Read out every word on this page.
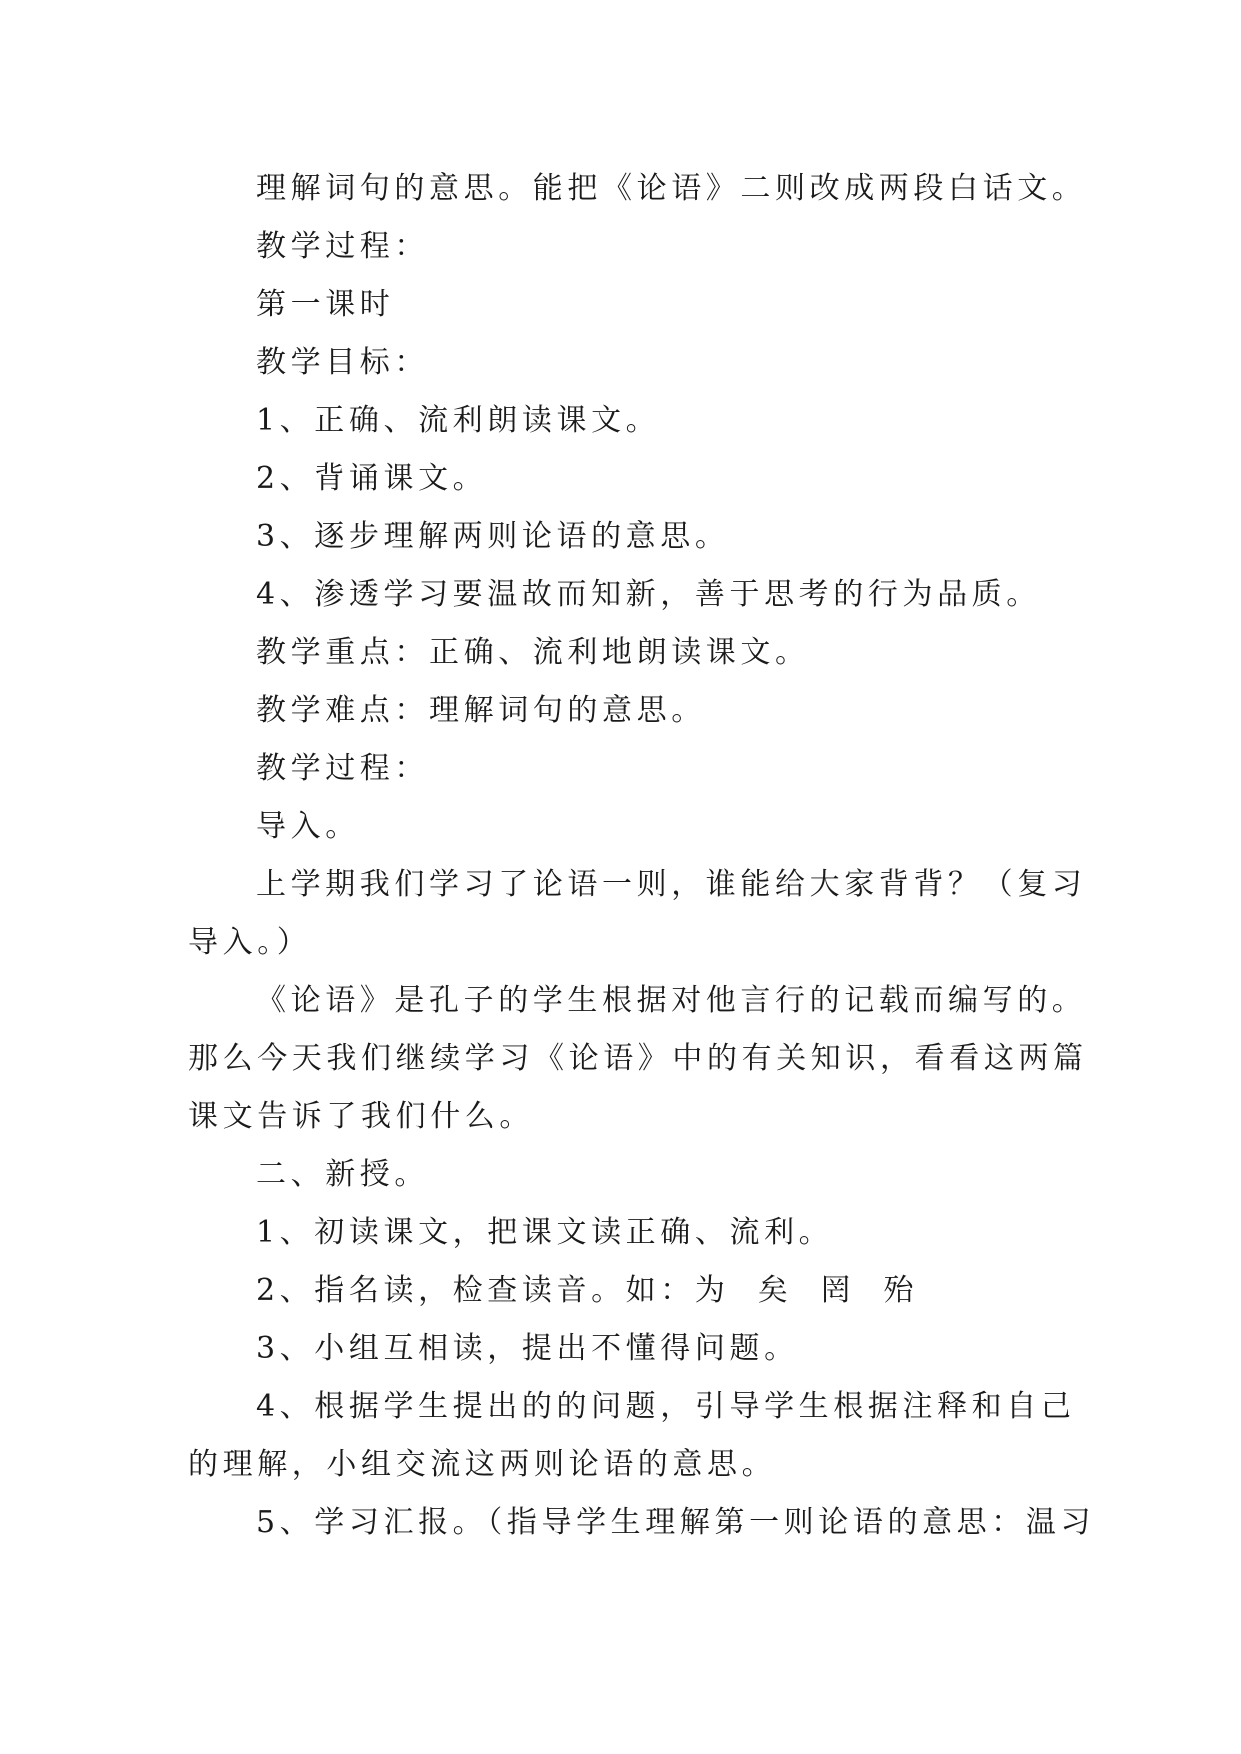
理解词句的意思。能把《论语》二则改成两段白话文。
教学过程：
第一课时
教学目标：
1、正确、流利朗读课文。
2、背诵课文。
3、逐步理解两则论语的意思。
4、渗透学习要温故而知新，善于思考的行为品质。
教学重点：正确、流利地朗读课文。
教学难点：理解词句的意思。
教学过程：
导入。
上学期我们学习了论语一则，谁能给大家背背？（复习
导入。）
《论语》是孔子的学生根据对他言行的记载而编写的。
那么今天我们继续学习《论语》中的有关知识，看看这两篇
课文告诉了我们什么。
二、新授。
1、初读课文，把课文读正确、流利。
2、指名读，检查读音。如：为  矣  罔  殆
3、小组互相读，提出不懂得问题。
4、根据学生提出的的问题，引导学生根据注释和自己
的理解，小组交流这两则论语的意思。
5、学习汇报。（指导学生理解第一则论语的意思：温习
